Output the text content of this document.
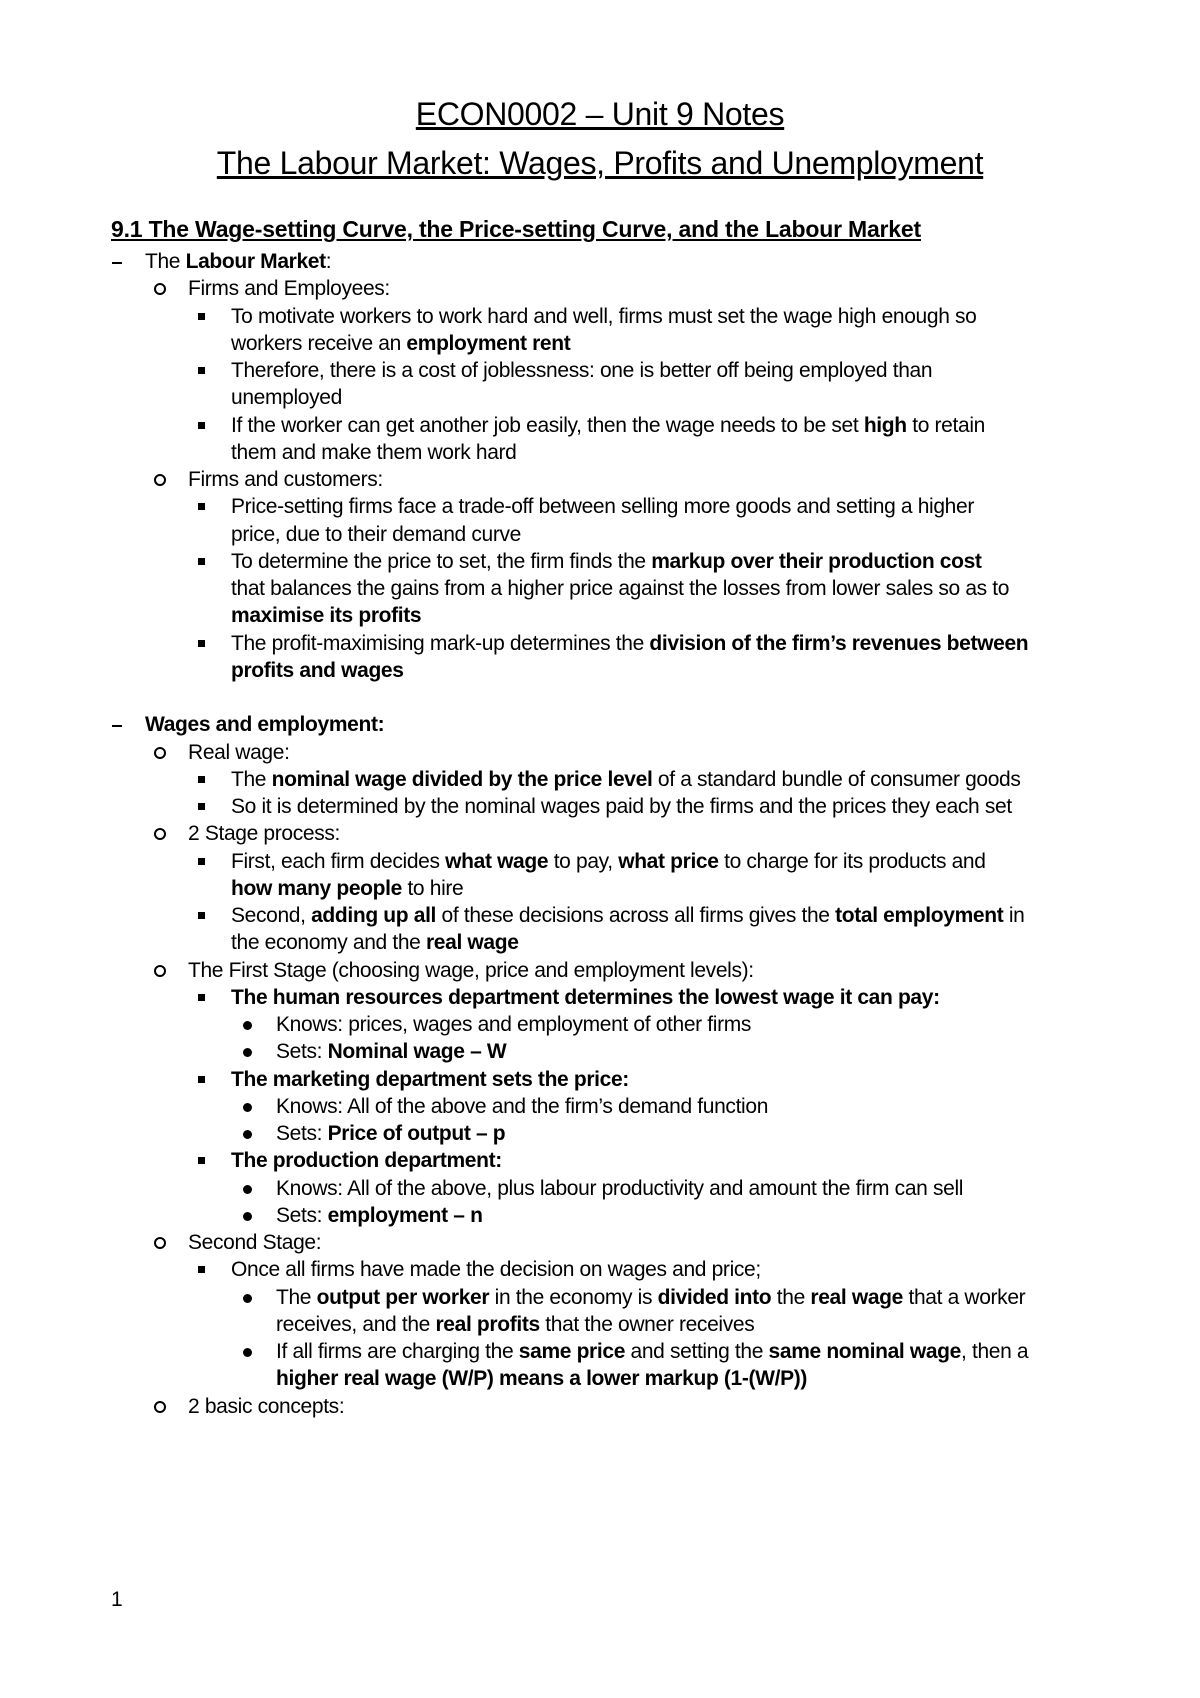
ECON0002 – Unit 9 Notes
The Labour Market: Wages, Profits and Unemployment
9.1 The Wage-setting Curve, the Price-setting Curve, and the Labour Market
The Labour Market:
Firms and Employees:
To motivate workers to work hard and well, firms must set the wage high enough so
workers receive an employment rent
Therefore, there is a cost of joblessness: one is better off being employed than
unemployed
If the worker can get another job easily, then the wage needs to be set high to retain
them and make them work hard
Firms and customers:
Price-setting firms face a trade-off between selling more goods and setting a higher
price, due to their demand curve
To determine the price to set, the firm finds the markup over their production cost
that balances the gains from a higher price against the losses from lower sales so as to
maximise its profits
The profit-maximising mark-up determines the division of the firm’s revenues between
profits and wages
Wages and employment:
Real wage:
The nominal wage divided by the price level of a standard bundle of consumer goods
So it is determined by the nominal wages paid by the firms and the prices they each set
2 Stage process:
First, each firm decides what wage to pay, what price to charge for its products and
how many people to hire
Second, adding up all of these decisions across all firms gives the total employment in
the economy and the real wage
The First Stage (choosing wage, price and employment levels):
The human resources department determines the lowest wage it can pay:
Knows: prices, wages and employment of other firms
Sets: Nominal wage – W
The marketing department sets the price:
Knows: All of the above and the firm’s demand function
Sets: Price of output – p
The production department:
Knows: All of the above, plus labour productivity and amount the firm can sell
Sets: employment – n
Second Stage:
Once all firms have made the decision on wages and price;
The output per worker in the economy is divided into the real wage that a worker
receives, and the real profits that the owner receives
If all firms are charging the same price and setting the same nominal wage, then a
higher real wage (W/P) means a lower markup (1-(W/P))
2 basic concepts:
1
